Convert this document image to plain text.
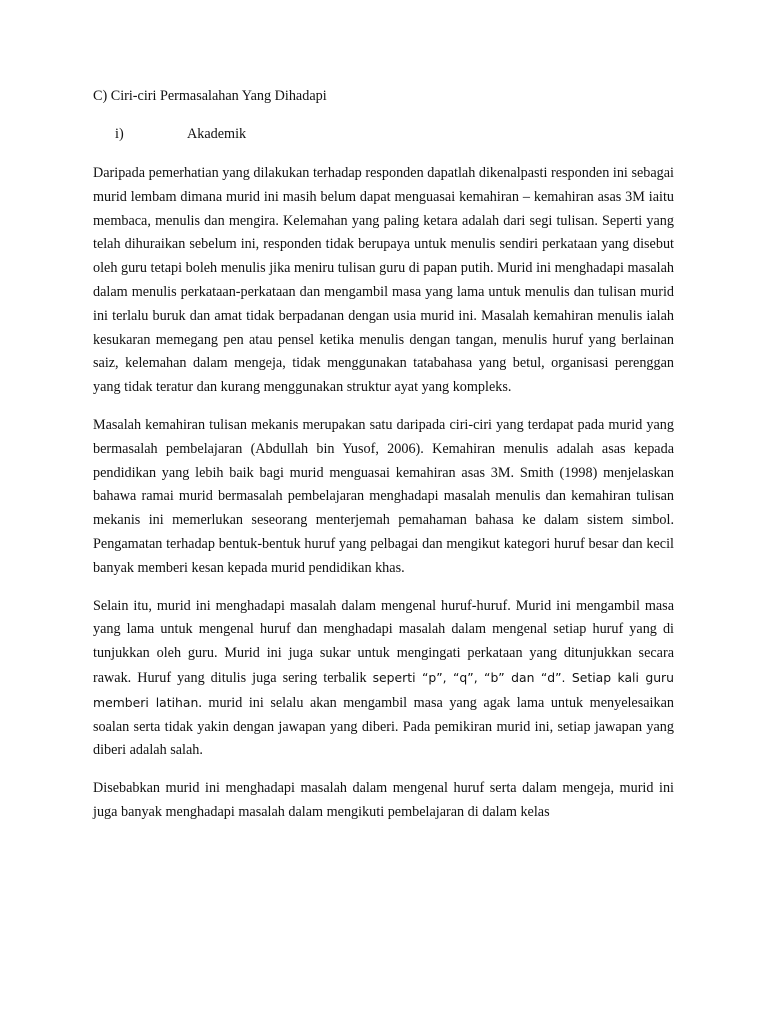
C) Ciri-ciri Permasalahan Yang Dihadapi
i)	Akademik

Daripada pemerhatian yang dilakukan terhadap responden dapatlah dikenalpasti responden ini sebagai murid lembam dimana murid ini masih belum dapat menguasai kemahiran – kemahiran asas 3M iaitu membaca, menulis dan mengira. Kelemahan yang paling ketara adalah dari segi tulisan. Seperti yang telah dihuraikan sebelum ini, responden tidak berupaya untuk menulis sendiri perkataan yang disebut oleh guru tetapi boleh menulis jika meniru tulisan guru di papan putih. Murid ini menghadapi masalah dalam menulis perkataan-perkataan dan mengambil masa yang lama untuk menulis dan tulisan murid ini terlalu buruk dan amat tidak berpadanan dengan usia murid ini. Masalah kemahiran menulis ialah kesukaran memegang pen atau pensel ketika menulis dengan tangan, menulis huruf yang berlainan saiz, kelemahan dalam mengeja, tidak menggunakan tatabahasa yang betul, organisasi perenggan yang tidak teratur dan kurang menggunakan struktur ayat yang kompleks.

Masalah kemahiran tulisan mekanis merupakan satu daripada ciri-ciri yang terdapat pada murid yang bermasalah pembelajaran (Abdullah bin Yusof, 2006). Kemahiran menulis adalah asas kepada pendidikan yang lebih baik bagi murid menguasai kemahiran asas 3M. Smith (1998) menjelaskan bahawa ramai murid bermasalah pembelajaran menghadapi masalah menulis dan kemahiran tulisan mekanis ini memerlukan seseorang menterjemah pemahaman bahasa ke dalam sistem simbol. Pengamatan terhadap bentuk-bentuk huruf yang pelbagai dan mengikut kategori huruf besar dan kecil banyak memberi kesan kepada murid pendidikan khas.

Selain itu, murid ini menghadapi masalah dalam mengenal huruf-huruf. Murid ini mengambil masa yang lama untuk mengenal huruf dan menghadapi masalah dalam mengenal setiap huruf yang di tunjukkan oleh guru. Murid ini juga sukar untuk mengingati perkataan yang ditunjukkan secara rawak. Huruf yang ditulis juga sering terbalik seperti “p”, “q”, “b” dan “d”. Setiap kali guru memberi latihan. murid ini selalu akan mengambil masa yang agak lama untuk menyelesaikan soalan serta tidak yakin dengan jawapan yang diberi. Pada pemikiran murid ini, setiap jawapan yang diberi adalah salah.

Disebabkan murid ini menghadapi masalah dalam mengenal huruf serta dalam mengeja, murid ini juga banyak menghadapi masalah dalam mengikuti pembelajaran di dalam kelas
